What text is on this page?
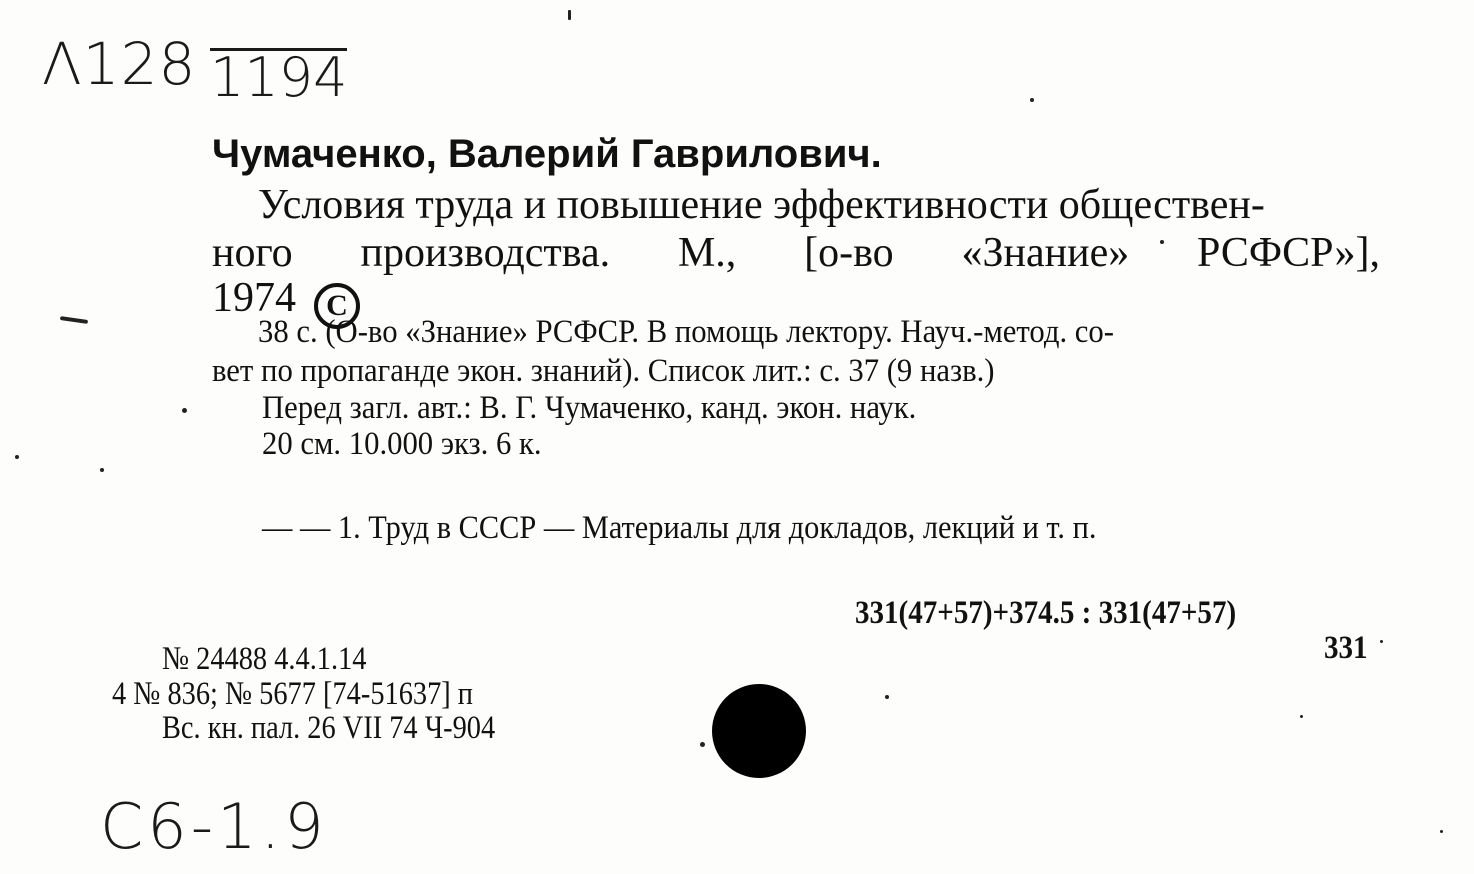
Λ128 1194
Чумаченко, Валерий Гаврилович.
Условия труда и повышение эффективности обществен-
ного производства. М., [о-во «Знание» РСФСР»],
1974 C
38 с. (О-во «Знание» РСФСР. В помощь лектору. Науч.-метод. со-
вет по пропаганде экон. знаний). Список лит.: с. 37 (9 назв.)
Перед загл. авт.: В. Г. Чумаченко, канд. экон. наук.
20 см. 10.000 экз. 6 к.
— — 1. Труд в СССР — Материалы для докладов, лекций и т. п.
331(47+57)+374.5 : 331(47+57)
331
№ 24488 4.4.1.14
4 № 836; № 5677 [74-51637] п
Вс. кн. пал. 26 VII 74 Ч-904
C6-1.9
